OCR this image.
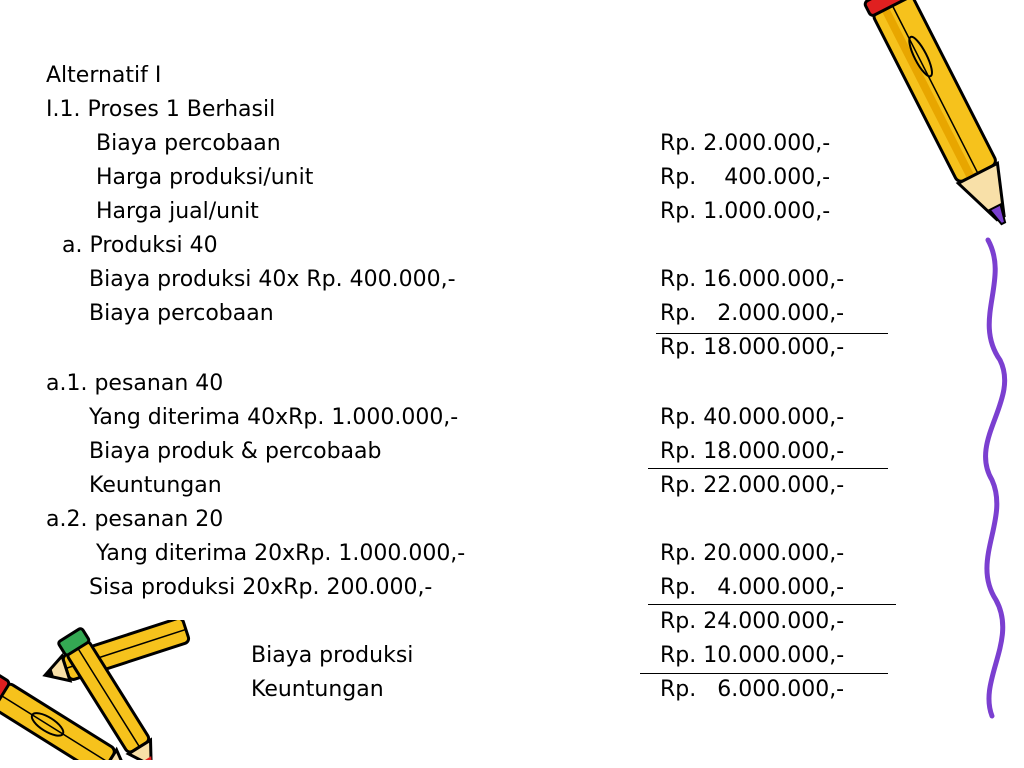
Alternatif I
I.1. Proses 1 Berhasil
Biaya percobaan	Rp. 2.000.000,-
Harga produksi/unit	Rp.    400.000,-
Harga jual/unit	Rp. 1.000.000,-
a. Produksi 40
Biaya produksi 40x Rp. 400.000,-	Rp. 16.000.000,-
Biaya percobaan	Rp.   2.000.000,-
Rp. 18.000.000,-
a.1. pesanan 40
Yang diterima 40xRp. 1.000.000,-	Rp. 40.000.000,-
Biaya produk & percobaab	Rp. 18.000.000,-
Keuntungan	Rp. 22.000.000,-
a.2. pesanan 20
Yang diterima 20xRp. 1.000.000,-	Rp. 20.000.000,-
Sisa produksi 20xRp. 200.000,-	Rp.   4.000.000,-
Rp. 24.000.000,-
Biaya produksi	Rp. 10.000.000,-
Keuntungan	Rp.   6.000.000,-
